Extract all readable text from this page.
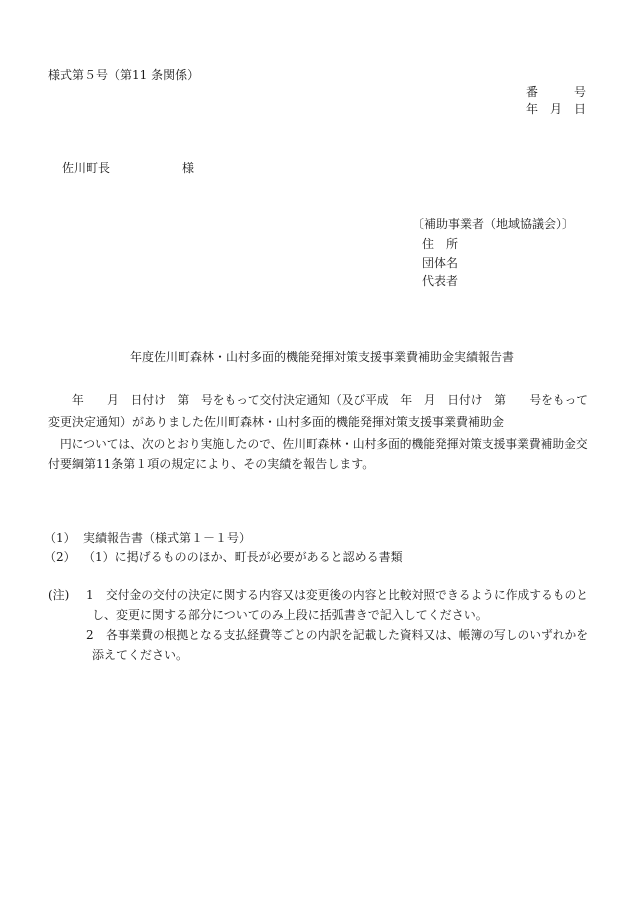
様式第５号（第11 条関係）
番　　　号
年　月　日
佐川町長　　　　　　様
〔補助事業者（地域協議会）〕
住　所
団体名
代表者
年度佐川町森林・山村多面的機能発揮対策支援事業費補助金実績報告書
年　　月　日付け　第　号をもって交付決定通知（及び平成　年　月　日付け　第　　号をもって
変更決定通知）がありました佐川町森林・山村多面的機能発揮対策支援事業費補助金
円については、次のとおり実施したので、佐川町森林・山村多面的機能発揮対策支援事業費補助金交
付要綱第11条第１項の規定により、その実績を報告します。
（1） 実績報告書（様式第１－１号）
（2） （1）に掲げるもののほか、町長が必要があると認める書類
(注) 1 交付金の交付の決定に関する内容又は変更後の内容と比較対照できるように作成するものと
し、変更に関する部分についてのみ上段に括弧書きで記入してください。
2 各事業費の根拠となる支払経費等ごとの内訳を記載した資料又は、帳簿の写しのいずれかを
添えてください。
